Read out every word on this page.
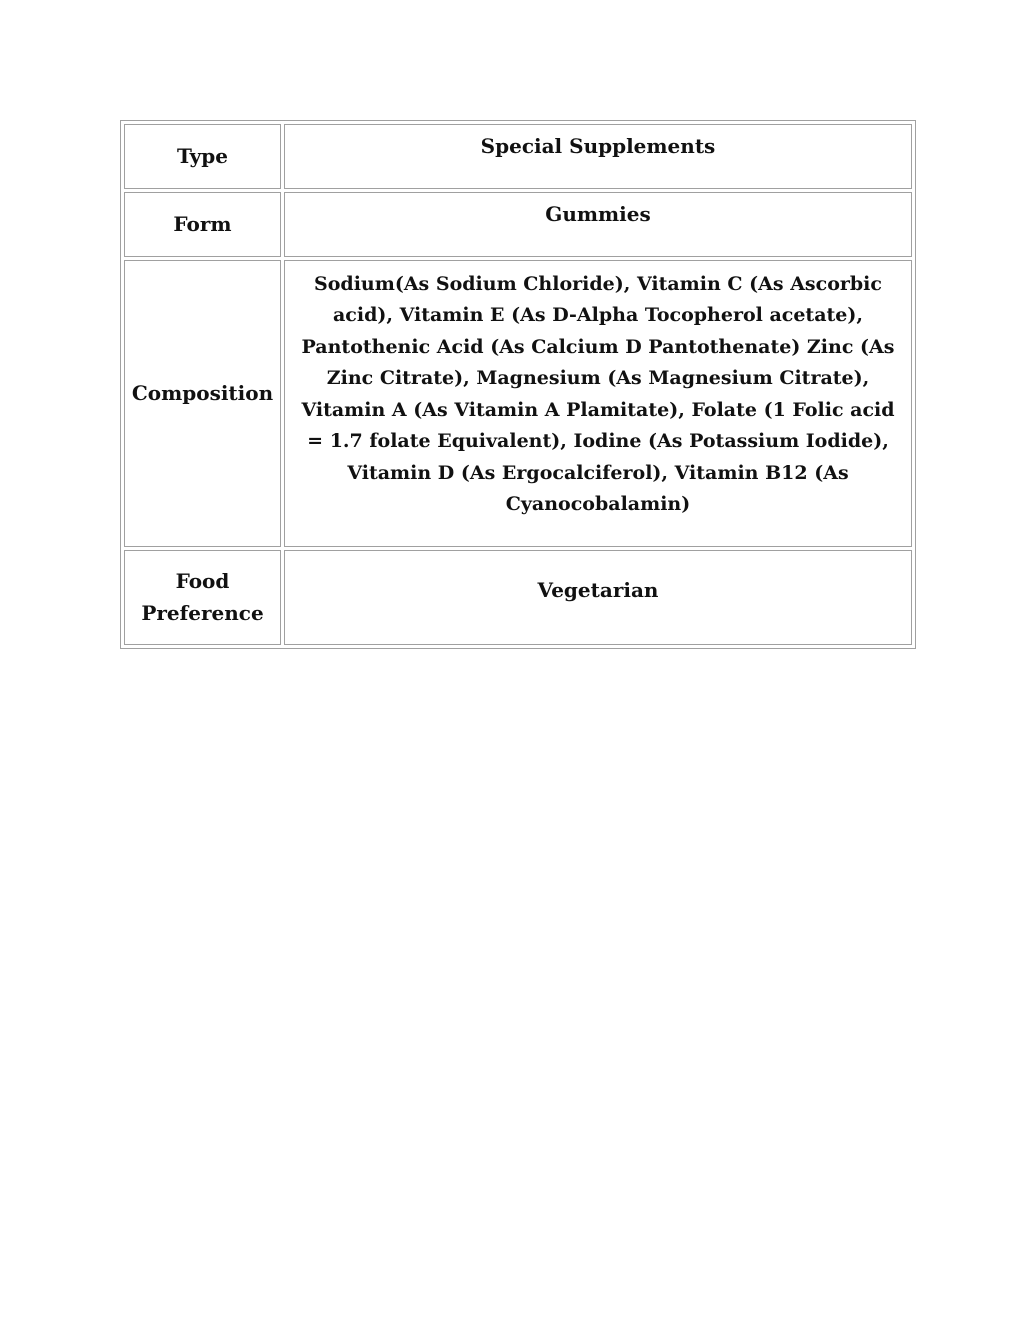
Type	Special Supplements
Form	Gummies
Composition	Sodium(As Sodium Chloride), Vitamin C (As Ascorbic acid), Vitamin E (As D-Alpha Tocopherol acetate), Pantothenic Acid (As Calcium D Pantothenate) Zinc (As Zinc Citrate), Magnesium (As Magnesium Citrate), Vitamin A (As Vitamin A Plamitate), Folate (1 Folic acid = 1.7 folate Equivalent), Iodine (As Potassium Iodide), Vitamin D (As Ergocalciferol), Vitamin B12 (As Cyanocobalamin)
Food Preference	Vegetarian
